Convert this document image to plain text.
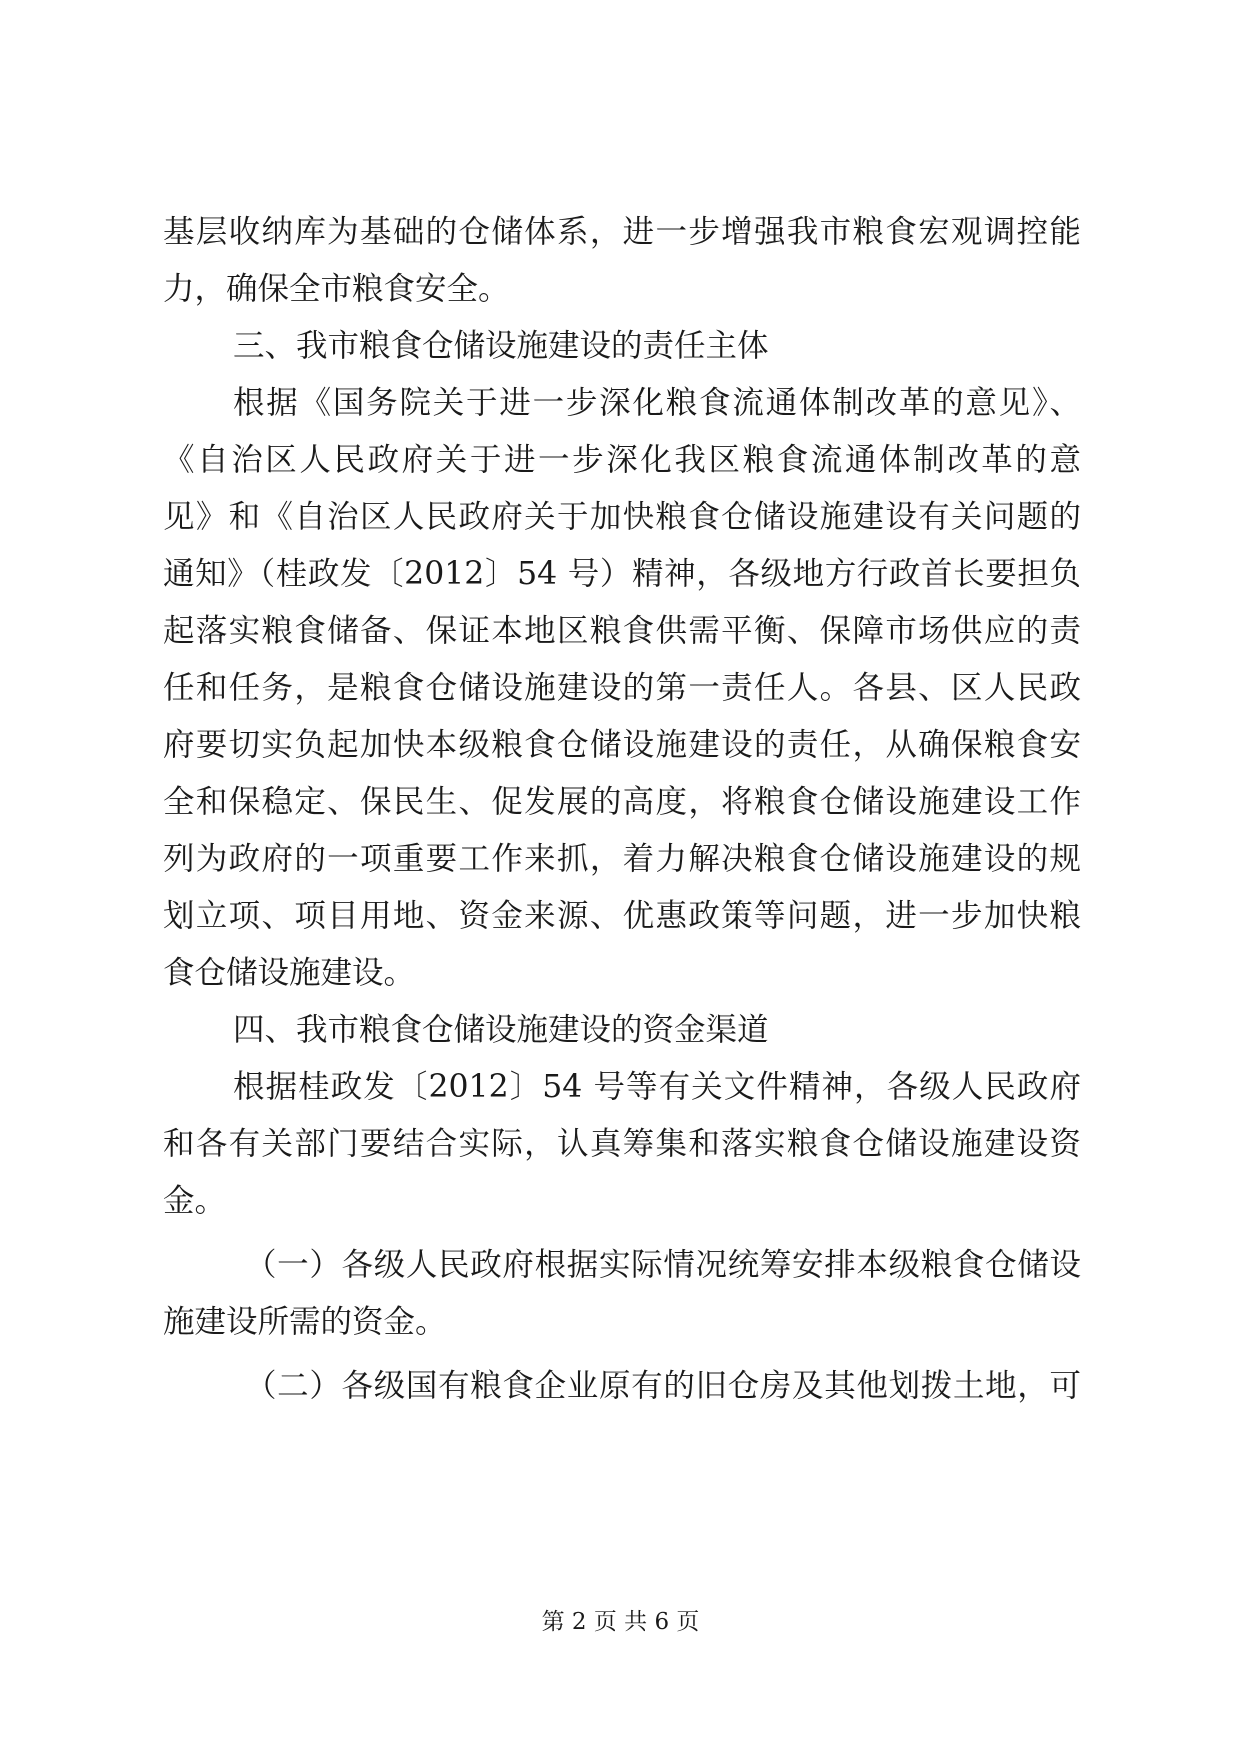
基层收纳库为基础的仓储体系，进一步增强我市粮食宏观调控能
力，确保全市粮食安全。
三、我市粮食仓储设施建设的责任主体
根据《国务院关于进一步深化粮食流通体制改革的意见》、
《自治区人民政府关于进一步深化我区粮食流通体制改革的意
见》和《自治区人民政府关于加快粮食仓储设施建设有关问题的
通知》（桂政发〔2012〕54 号）精神，各级地方行政首长要担负
起落实粮食储备、保证本地区粮食供需平衡、保障市场供应的责
任和任务，是粮食仓储设施建设的第一责任人。各县、区人民政
府要切实负起加快本级粮食仓储设施建设的责任，从确保粮食安
全和保稳定、保民生、促发展的高度，将粮食仓储设施建设工作
列为政府的一项重要工作来抓，着力解决粮食仓储设施建设的规
划立项、项目用地、资金来源、优惠政策等问题，进一步加快粮
食仓储设施建设。
四、我市粮食仓储设施建设的资金渠道
根据桂政发〔2012〕54 号等有关文件精神，各级人民政府
和各有关部门要结合实际，认真筹集和落实粮食仓储设施建设资
金。
（一）各级人民政府根据实际情况统筹安排本级粮食仓储设
施建设所需的资金。
（二）各级国有粮食企业原有的旧仓房及其他划拨土地，可
第 2 页 共 6 页
